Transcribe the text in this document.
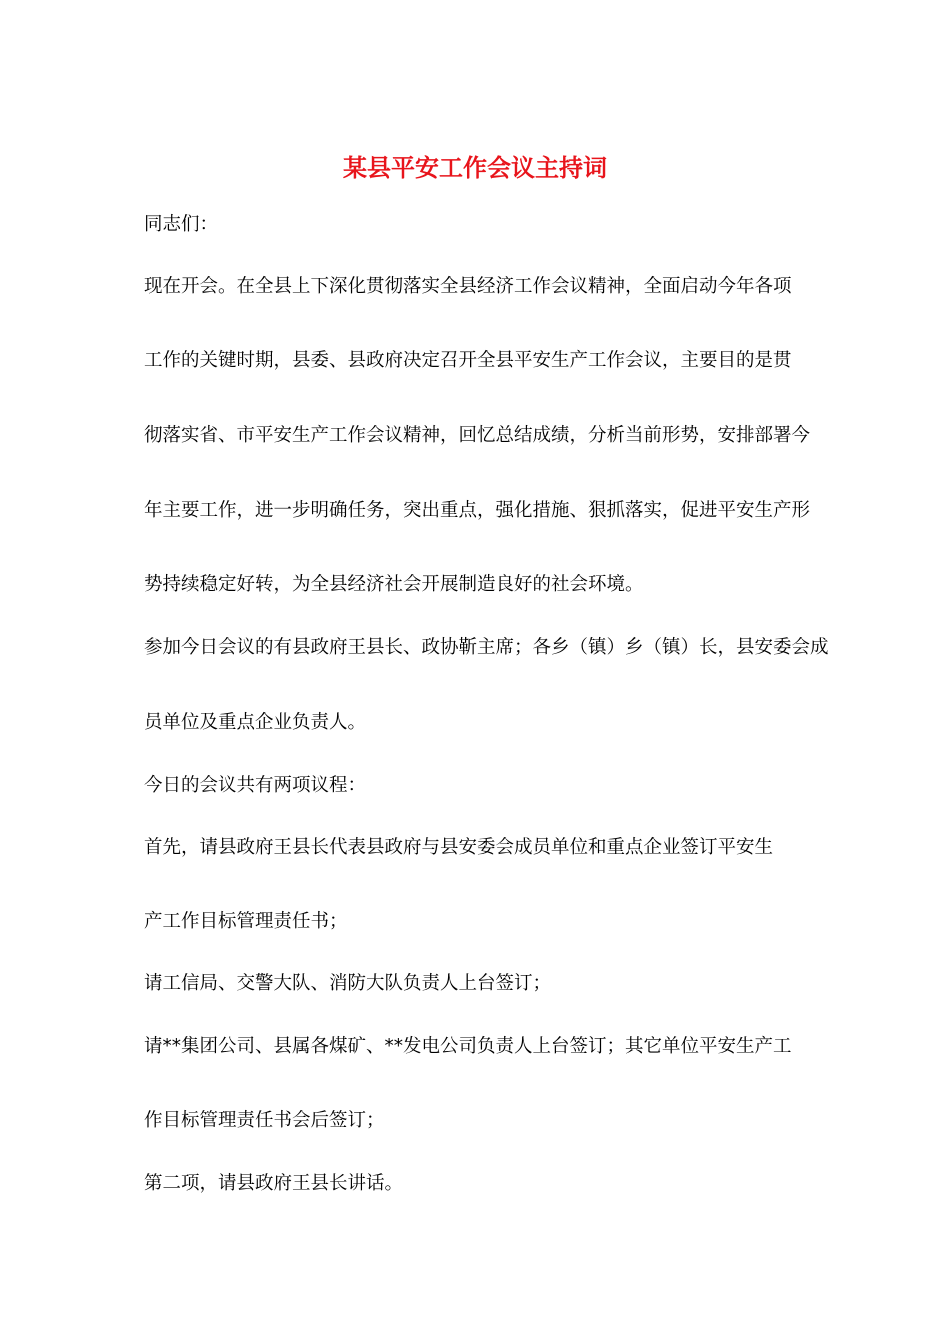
某县平安工作会议主持词
同志们：
现在开会。在全县上下深化贯彻落实全县经济工作会议精神，全面启动今年各项
工作的关键时期，县委、县政府决定召开全县平安生产工作会议，主要目的是贯
彻落实省、市平安生产工作会议精神，回忆总结成绩，分析当前形势，安排部署今
年主要工作，进一步明确任务，突出重点，强化措施、狠抓落实，促进平安生产形
势持续稳定好转，为全县经济社会开展制造良好的社会环境。
参加今日会议的有县政府王县长、政协靳主席；各乡（镇）乡（镇）长，县安委会成
员单位及重点企业负责人。
今日的会议共有两项议程：
首先，请县政府王县长代表县政府与县安委会成员单位和重点企业签订平安生
产工作目标管理责任书；
请工信局、交警大队、消防大队负责人上台签订；
请**集团公司、县属各煤矿、**发电公司负责人上台签订；其它单位平安生产工
作目标管理责任书会后签订；
第二项，请县政府王县长讲话。
